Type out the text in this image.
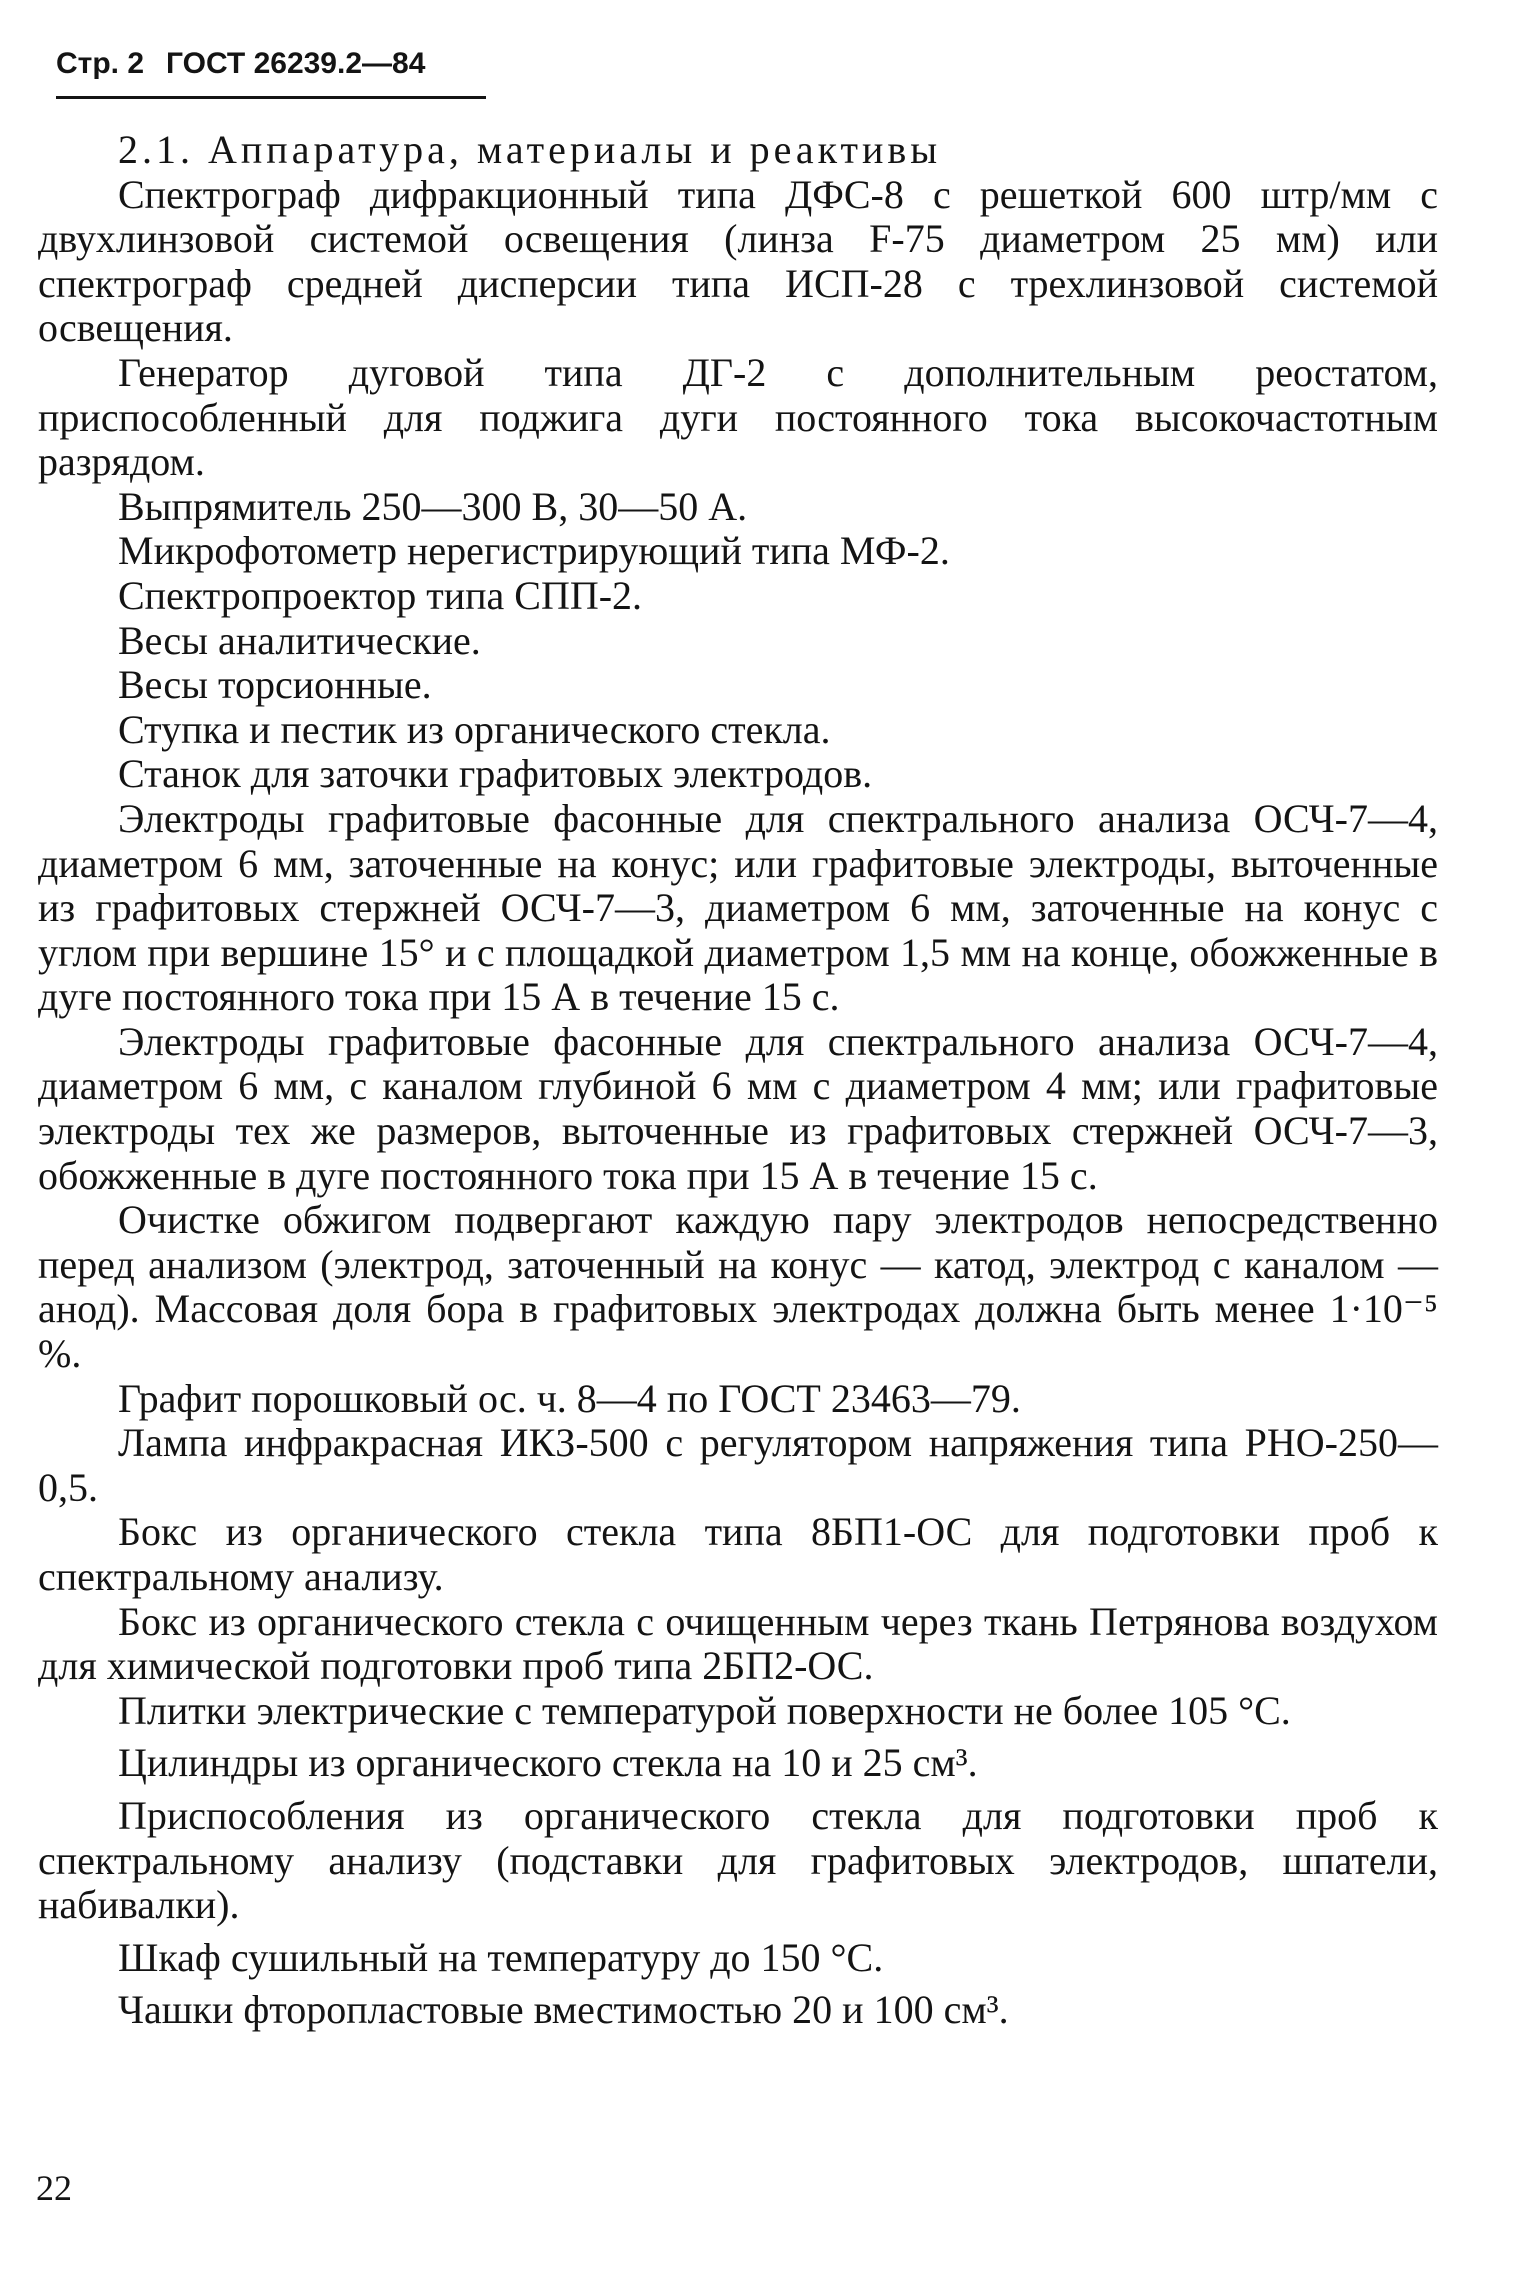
Стр. 2 ГОСТ 26239.2—84

2.1. Аппаратура, материалы и реактивы

Спектрограф дифракционный типа ДФС-8 с решеткой 600 штр/мм с двухлинзовой системой освещения (линза F-75 диаметром 25 мм) или спектрограф средней дисперсии типа ИСП-28 с трехлинзовой системой освещения.

Генератор дуговой типа ДГ-2 с дополнительным реостатом, приспособленный для поджига дуги постоянного тока высокочастотным разрядом.

Выпрямитель 250—300 В, 30—50 А.

Микрофотометр нерегистрирующий типа МФ-2.

Спектропроектор типа СПП-2.

Весы аналитические.

Весы торсионные.

Ступка и пестик из органического стекла.

Станок для заточки графитовых электродов.

Электроды графитовые фасонные для спектрального анализа ОСЧ-7—4, диаметром 6 мм, заточенные на конус; или графитовые электроды, выточенные из графитовых стержней ОСЧ-7—3, диаметром 6 мм, заточенные на конус с углом при вершине 15° и с площадкой диаметром 1,5 мм на конце, обожженные в дуге постоянного тока при 15 А в течение 15 с.

Электроды графитовые фасонные для спектрального анализа ОСЧ-7—4, диаметром 6 мм, с каналом глубиной 6 мм с диаметром 4 мм; или графитовые электроды тех же размеров, выточенные из графитовых стержней ОСЧ-7—3, обожженные в дуге постоянного тока при 15 А в течение 15 с.

Очистке обжигом подвергают каждую пару электродов непосредственно перед анализом (электрод, заточенный на конус — катод, электрод с каналом — анод). Массовая доля бора в графитовых электродах должна быть менее 1·10⁻⁵ %.

Графит порошковый ос. ч. 8—4 по ГОСТ 23463—79.

Лампа инфракрасная ИКЗ-500 с регулятором напряжения типа РНО-250—0,5.

Бокс из органического стекла типа 8БП1-ОС для подготовки проб к спектральному анализу.

Бокс из органического стекла с очищенным через ткань Петрянова воздухом для химической подготовки проб типа 2БП2-ОС.

Плитки электрические с температурой поверхности не более 105 °С.

Цилиндры из органического стекла на 10 и 25 см³.

Приспособления из органического стекла для подготовки проб к спектральному анализу (подставки для графитовых электродов, шпатели, набивалки).

Шкаф сушильный на температуру до 150 °С.

Чашки фторопластовые вместимостью 20 и 100 см³.

22
